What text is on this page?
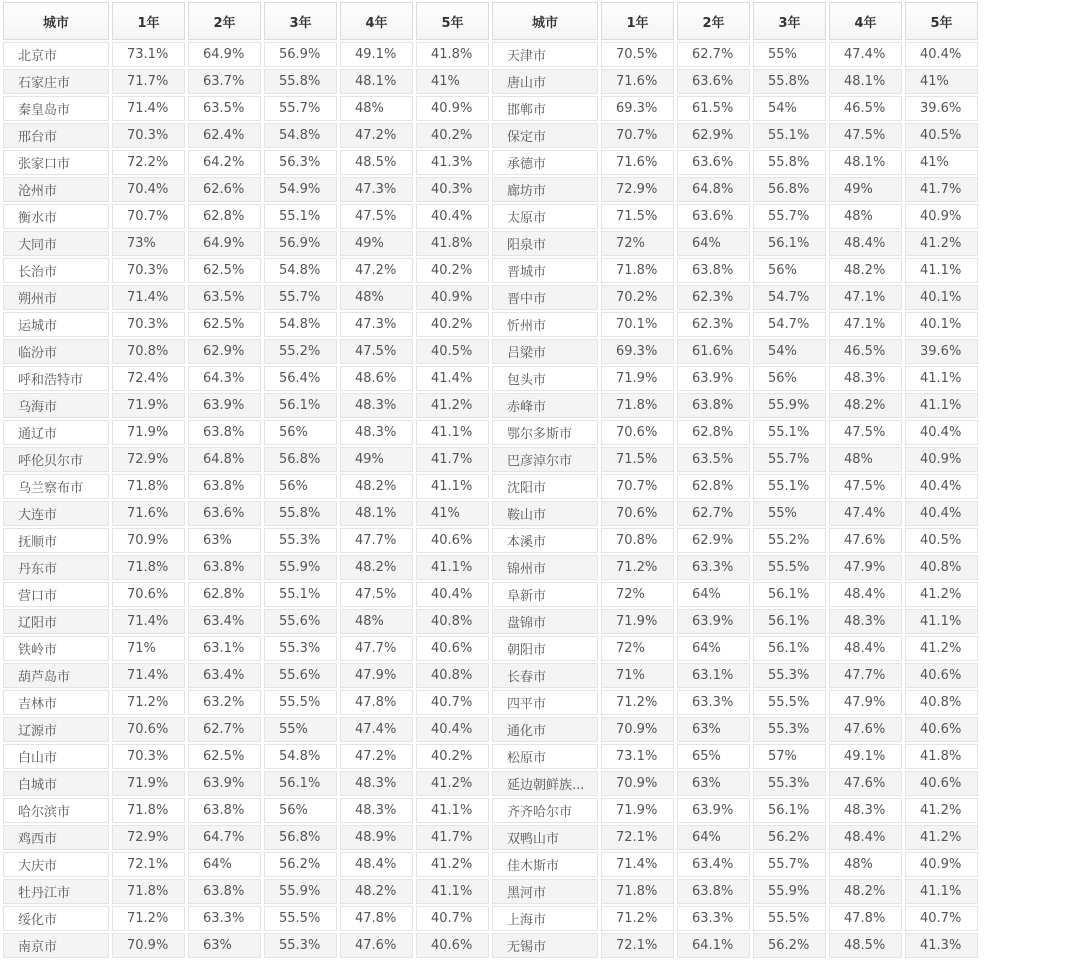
城市	1年	2年	3年	4年	5年	城市	1年	2年	3年	4年	5年
北京市	73.1%	64.9%	56.9%	49.1%	41.8%	天津市	70.5%	62.7%	55%	47.4%	40.4%
石家庄市	71.7%	63.7%	55.8%	48.1%	41%	唐山市	71.6%	63.6%	55.8%	48.1%	41%
秦皇岛市	71.4%	63.5%	55.7%	48%	40.9%	邯郸市	69.3%	61.5%	54%	46.5%	39.6%
邢台市	70.3%	62.4%	54.8%	47.2%	40.2%	保定市	70.7%	62.9%	55.1%	47.5%	40.5%
张家口市	72.2%	64.2%	56.3%	48.5%	41.3%	承德市	71.6%	63.6%	55.8%	48.1%	41%
沧州市	70.4%	62.6%	54.9%	47.3%	40.3%	廊坊市	72.9%	64.8%	56.8%	49%	41.7%
衡水市	70.7%	62.8%	55.1%	47.5%	40.4%	太原市	71.5%	63.6%	55.7%	48%	40.9%
大同市	73%	64.9%	56.9%	49%	41.8%	阳泉市	72%	64%	56.1%	48.4%	41.2%
长治市	70.3%	62.5%	54.8%	47.2%	40.2%	晋城市	71.8%	63.8%	56%	48.2%	41.1%
朔州市	71.4%	63.5%	55.7%	48%	40.9%	晋中市	70.2%	62.3%	54.7%	47.1%	40.1%
运城市	70.3%	62.5%	54.8%	47.3%	40.2%	忻州市	70.1%	62.3%	54.7%	47.1%	40.1%
临汾市	70.8%	62.9%	55.2%	47.5%	40.5%	吕梁市	69.3%	61.6%	54%	46.5%	39.6%
呼和浩特市	72.4%	64.3%	56.4%	48.6%	41.4%	包头市	71.9%	63.9%	56%	48.3%	41.1%
乌海市	71.9%	63.9%	56.1%	48.3%	41.2%	赤峰市	71.8%	63.8%	55.9%	48.2%	41.1%
通辽市	71.9%	63.8%	56%	48.3%	41.1%	鄂尔多斯市	70.6%	62.8%	55.1%	47.5%	40.4%
呼伦贝尔市	72.9%	64.8%	56.8%	49%	41.7%	巴彦淖尔市	71.5%	63.5%	55.7%	48%	40.9%
乌兰察布市	71.8%	63.8%	56%	48.2%	41.1%	沈阳市	70.7%	62.8%	55.1%	47.5%	40.4%
大连市	71.6%	63.6%	55.8%	48.1%	41%	鞍山市	70.6%	62.7%	55%	47.4%	40.4%
抚顺市	70.9%	63%	55.3%	47.7%	40.6%	本溪市	70.8%	62.9%	55.2%	47.6%	40.5%
丹东市	71.8%	63.8%	55.9%	48.2%	41.1%	锦州市	71.2%	63.3%	55.5%	47.9%	40.8%
营口市	70.6%	62.8%	55.1%	47.5%	40.4%	阜新市	72%	64%	56.1%	48.4%	41.2%
辽阳市	71.4%	63.4%	55.6%	48%	40.8%	盘锦市	71.9%	63.9%	56.1%	48.3%	41.1%
铁岭市	71%	63.1%	55.3%	47.7%	40.6%	朝阳市	72%	64%	56.1%	48.4%	41.2%
葫芦岛市	71.4%	63.4%	55.6%	47.9%	40.8%	长春市	71%	63.1%	55.3%	47.7%	40.6%
吉林市	71.2%	63.2%	55.5%	47.8%	40.7%	四平市	71.2%	63.3%	55.5%	47.9%	40.8%
辽源市	70.6%	62.7%	55%	47.4%	40.4%	通化市	70.9%	63%	55.3%	47.6%	40.6%
白山市	70.3%	62.5%	54.8%	47.2%	40.2%	松原市	73.1%	65%	57%	49.1%	41.8%
白城市	71.9%	63.9%	56.1%	48.3%	41.2%	延边朝鲜族...	70.9%	63%	55.3%	47.6%	40.6%
哈尔滨市	71.8%	63.8%	56%	48.3%	41.1%	齐齐哈尔市	71.9%	63.9%	56.1%	48.3%	41.2%
鸡西市	72.9%	64.7%	56.8%	48.9%	41.7%	双鸭山市	72.1%	64%	56.2%	48.4%	41.2%
大庆市	72.1%	64%	56.2%	48.4%	41.2%	佳木斯市	71.4%	63.4%	55.7%	48%	40.9%
牡丹江市	71.8%	63.8%	55.9%	48.2%	41.1%	黑河市	71.8%	63.8%	55.9%	48.2%	41.1%
绥化市	71.2%	63.3%	55.5%	47.8%	40.7%	上海市	71.2%	63.3%	55.5%	47.8%	40.7%
南京市	70.9%	63%	55.3%	47.6%	40.6%	无锡市	72.1%	64.1%	56.2%	48.5%	41.3%
